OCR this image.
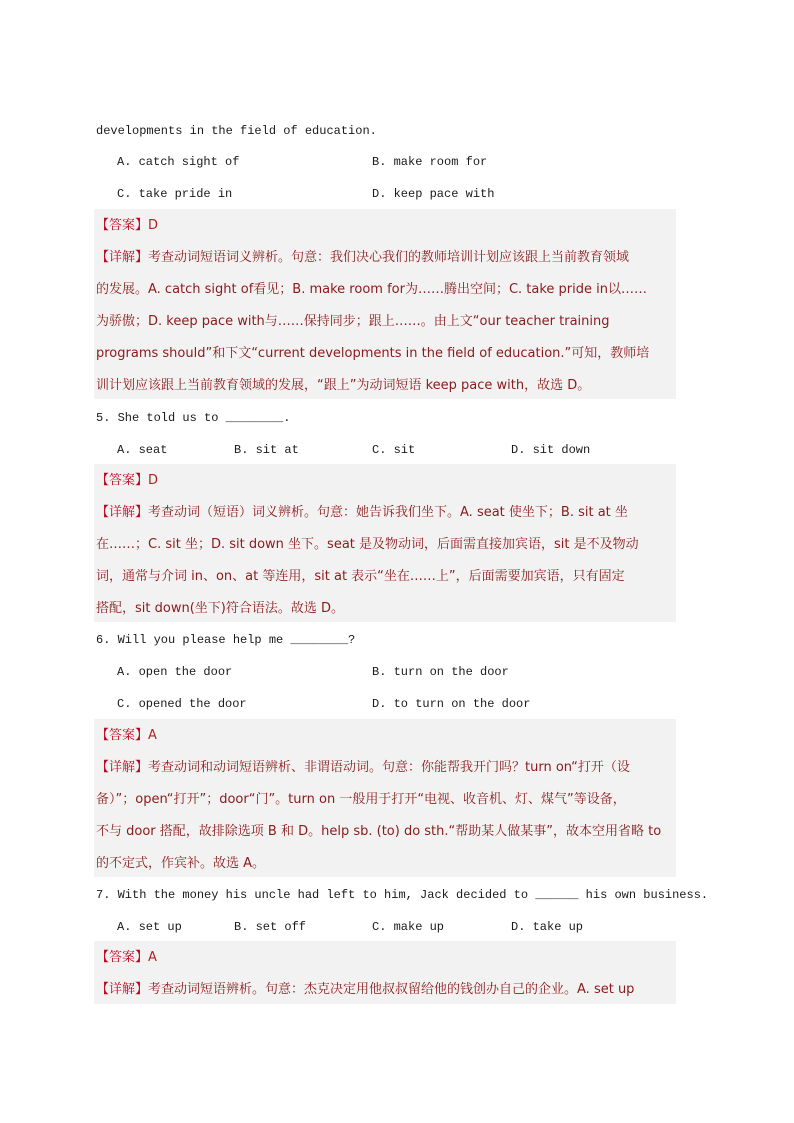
developments in the field of education.
A. catch sight of	B. make room for
C. take pride in	D. keep pace with
【答案】D
【详解】考查动词短语词义辨析。句意：我们决心我们的教师培训计划应该跟上当前教育领域
的发展。A. catch sight of看见；B. make room for为……腾出空间；C. take pride in以……
为骄傲；D. keep pace with与……保持同步；跟上……。由上文“our teacher training
programs should”和下文“current developments in the field of education.”可知，教师培
训计划应该跟上当前教育领域的发展，“跟上”为动词短语 keep pace with，故选 D。
5. She told us to ________.
A. seat	B. sit at	C. sit	D. sit down
【答案】D
【详解】考查动词（短语）词义辨析。句意：她告诉我们坐下。A. seat 使坐下；B. sit at 坐
在……；C. sit 坐；D. sit down 坐下。seat 是及物动词，后面需直接加宾语，sit 是不及物动
词，通常与介词 in、on、at 等连用，sit at 表示“坐在……上”，后面需要加宾语，只有固定
搭配，sit down(坐下)符合语法。故选 D。
6. Will you please help me ________?
A. open the door	B. turn on the door
C. opened the door	D. to turn on the door
【答案】A
【详解】考查动词和动词短语辨析、非谓语动词。句意：你能帮我开门吗？turn on“打开（设
备）”；open“打开”；door“门”。turn on 一般用于打开“电视、收音机、灯、煤气”等设备，
不与 door 搭配，故排除选项 B 和 D。help sb. (to) do sth.“帮助某人做某事”，故本空用省略 to
的不定式，作宾补。故选 A。
7. With the money his uncle had left to him, Jack decided to ______ his own business.
A. set up	B. set off	C. make up	D. take up
【答案】A
【详解】考查动词短语辨析。句意：杰克决定用他叔叔留给他的钱创办自己的企业。A. set up
